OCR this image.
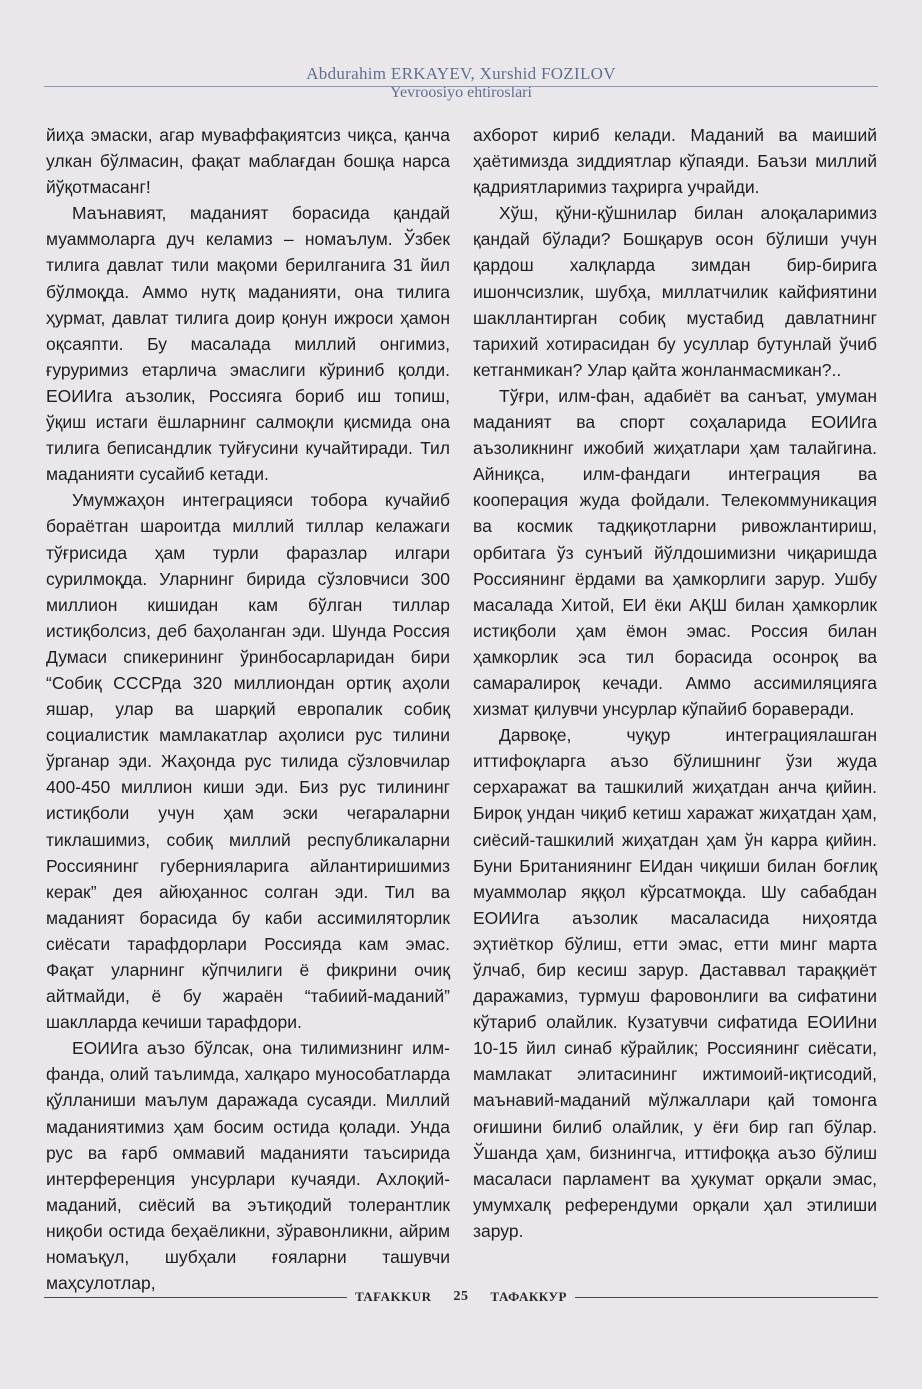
Abdurahim ERKAYEV, Xurshid FOZILOV
Yevroosiyo ehtiroslari

йиҳа эмаски, агар муваффақиятсиз чиқса, қанча улкан бўлмасин, фақат маблағдан бошқа нарса йўқотмасанг!

Маънавият, маданият борасида қандай муаммоларга дуч келамиз – номаълум. Ўзбек тилига давлат тили мақоми берилганига 31 йил бўлмоқда. Аммо нутқ маданияти, она тилига ҳурмат, давлат тилига доир қонун ижроси ҳамон оқсаяпти. Бу масалада миллий онгимиз, ғуруримиз етарлича эмаслиги кўриниб қолди. ЕОИИга аъзолик, Россияга бориб иш топиш, ўқиш истаги ёшларнинг салмоқли қисмида она тилига беписандлик туйғусини кучайтиради. Тил маданияти сусайиб кетади.

Умумжаҳон интеграцияси тобора кучайиб бораётган шароитда миллий тиллар келажаги тўғрисида ҳам турли фаразлар илгари сурилмоқда. Уларнинг бирида сўзловчиси 300 миллион кишидан кам бўлган тиллар истиқболсиз, деб баҳоланган эди. Шунда Россия Думаси спикерининг ўринбосарларидан бири “Собиқ СССРда 320 миллиондан ортиқ аҳоли яшар, улар ва шарқий европалик собиқ социалистик мамлакатлар аҳолиси рус тилини ўрганар эди. Жаҳонда рус тилида сўзловчилар 400-450 миллион киши эди. Биз рус тилининг истиқболи учун ҳам эски чегараларни тиклашимиз, собиқ миллий республикаларни Россиянинг губернияларига айлантиришимиз керак” дея айюҳаннос солган эди. Тил ва маданият борасида бу каби ассимиляторлик сиёсати тарафдорлари Россияда кам эмас. Фақат уларнинг кўпчилиги ё фикрини очиқ айтмайди, ё бу жараён “табиий-маданий” шаклларда кечиши тарафдори.

ЕОИИга аъзо бўлсак, она тилимизнинг илм-фанда, олий таълимда, халқаро мунособатларда қўлланиши маълум даражада сусаяди. Миллий маданиятимиз ҳам босим остида қолади. Унда рус ва ғарб оммавий маданияти таъсирида интерференция унсурлари кучаяди. Ахлоқий-маданий, сиёсий ва эътиқодий толерантлик ниқоби остида беҳаёликни, зўравонликни, айрим номаъқул, шубҳали ғояларни ташувчи маҳсулотлар,

ахборот кириб келади. Маданий ва маиший ҳаётимизда зиддиятлар кўпаяди. Баъзи миллий қадриятларимиз таҳрирга учрайди.

Хўш, қўни-қўшнилар билан алоқаларимиз қандай бўлади? Бошқарув осон бўлиши учун қардош халқларда зимдан бир-бирига ишончсизлик, шубҳа, миллатчилик кайфиятини шакллантирган собиқ мустабид давлатнинг тарихий хотирасидан бу усуллар бутунлай ўчиб кетганмикан? Улар қайта жонланмасмикан?..

Тўғри, илм-фан, адабиёт ва санъат, умуман маданият ва спорт соҳаларида ЕОИИга аъзоликнинг ижобий жиҳатлари ҳам талайгина. Айниқса, илм-фандаги интеграция ва кооперация жуда фойдали. Телекоммуникация ва космик тадқиқотларни ривожлантириш, орбитага ўз сунъий йўлдошимизни чиқаришда Россиянинг ёрдами ва ҳамкорлиги зарур. Ушбу масалада Хитой, ЕИ ёки АҚШ билан ҳамкорлик истиқболи ҳам ёмон эмас. Россия билан ҳамкорлик эса тил борасида осонроқ ва самаралироқ кечади. Аммо ассимиляцияга хизмат қилувчи унсурлар кўпайиб бораверади.

Дарвоқе, чуқур интеграциялашган иттифоқларга аъзо бўлишнинг ўзи жуда серхаражат ва ташкилий жиҳатдан анча қийин. Бироқ ундан чиқиб кетиш харажат жиҳатдан ҳам, сиёсий-ташкилий жиҳатдан ҳам ўн карра қийин. Буни Британиянинг ЕИдан чиқиши билан боғлиқ муаммолар яққол кўрсатмоқда. Шу сабабдан ЕОИИга аъзолик масаласида ниҳоятда эҳтиёткор бўлиш, етти эмас, етти минг марта ўлчаб, бир кесиш зарур. Даставвал тараққиёт даражамиз, турмуш фаровонлиги ва сифатини кўтариб олайлик. Кузатувчи сифатида ЕОИИни 10-15 йил синаб кўрайлик; Россиянинг сиёсати, мамлакат элитасининг ижтимоий-иқтисодий, маънавий-маданий мўлжаллари қай томонга оғишини билиб олайлик, у ёғи бир гап бўлар. Ўшанда ҳам, бизнингча, иттифоққа аъзо бўлиш масаласи парламент ва ҳукумат орқали эмас, умумхалқ референдуми орқали ҳал этилиши зарур.

TAFAKKUR	25	ТАФАККУР
